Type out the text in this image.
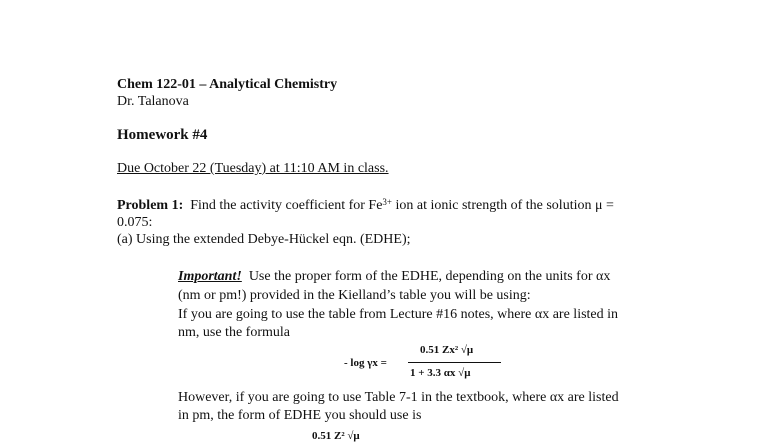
Chem 122-01 – Analytical Chemistry
Dr. Talanova
Homework #4
Due October 22 (Tuesday) at 11:10 AM in class.
Problem 1: Find the activity coefficient for $Fe^{3+}$ ion at ionic strength of the solution μ =
0.075:
(a) Using the extended Debye-Hückel eqn. (EDHE);
Important! Use the proper form of the EDHE, depending on the units for αx
(nm or pm!) provided in the Kielland’s table you will be using:
If you are going to use the table from Lecture #16 notes, where αx are listed in
nm, use the formula
- log γx =
0.51 Zx² √μ
1 + 3.3 αx √μ
However, if you are going to use Table 7-1 in the textbook, where αx are listed
in pm, the form of EDHE you should use is
0.51 Z² √μ
